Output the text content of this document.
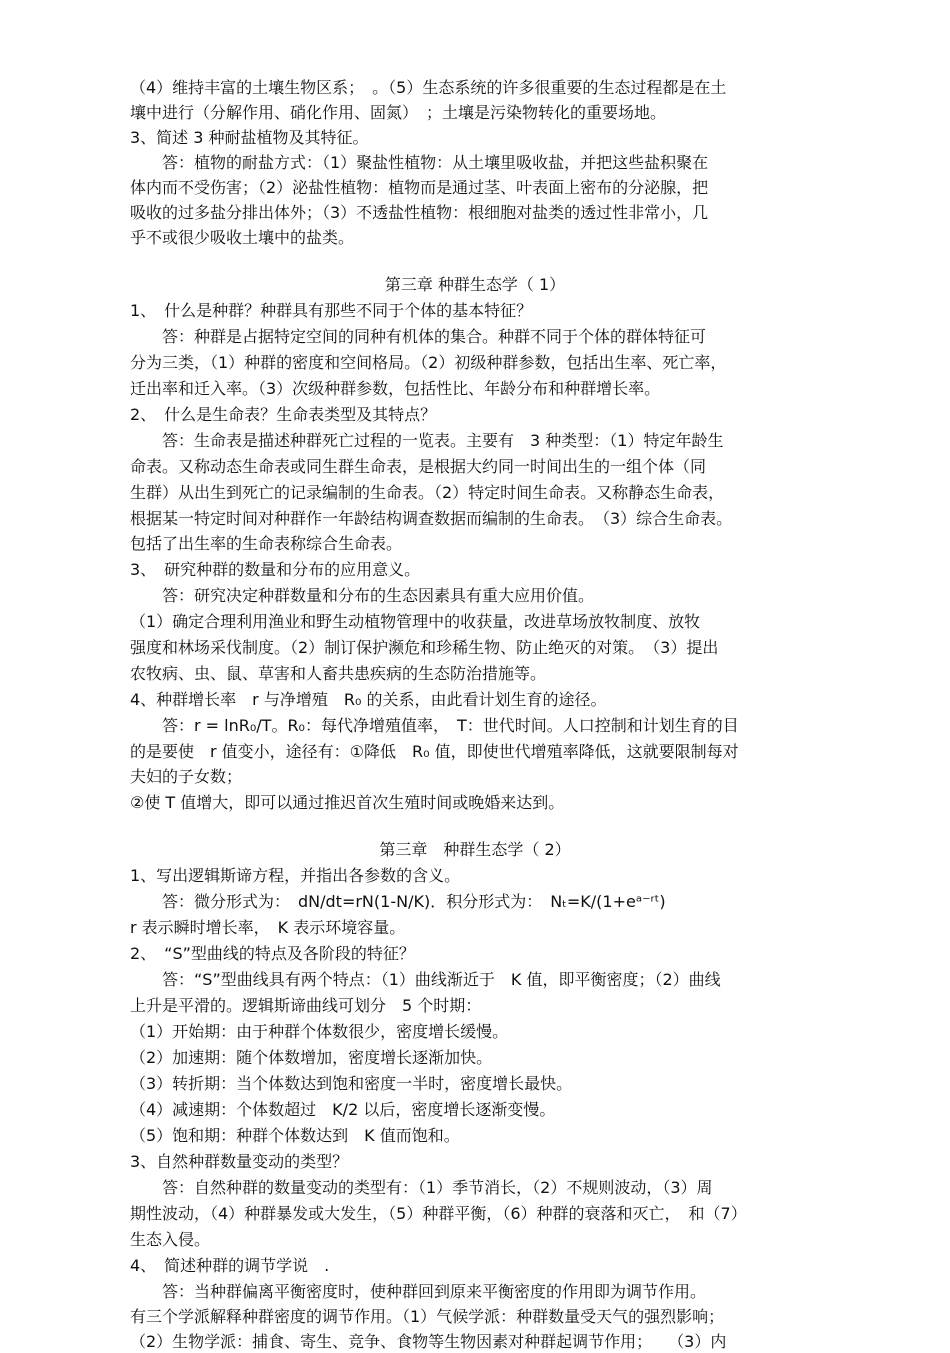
（4）维持丰富的土壤生物区系；　。（5）生态系统的许多很重要的生态过程都是在土
壤中进行（分解作用、硝化作用、固氮）　；土壤是污染物转化的重要场地。
3、简述 3 种耐盐植物及其特征。
　　答：植物的耐盐方式：（1）聚盐性植物：从土壤里吸收盐，并把这些盐积聚在
体内而不受伤害；（2）泌盐性植物：植物而是通过茎、叶表面上密布的分泌腺，把
吸收的过多盐分排出体外；（3）不透盐性植物：根细胞对盐类的透过性非常小，几
乎不或很少吸收土壤中的盐类。
第三章 种群生态学（ 1）
1、　什么是种群？种群具有那些不同于个体的基本特征？
　　答：种群是占据特定空间的同种有机体的集合。种群不同于个体的群体特征可
分为三类，（1）种群的密度和空间格局。（2）初级种群参数，包括出生率、死亡率，
迁出率和迁入率。（3）次级种群参数，包括性比、年龄分布和种群增长率。
2、　什么是生命表？生命表类型及其特点？
　　答：生命表是描述种群死亡过程的一览表。主要有　3 种类型：（1）特定年龄生
命表。又称动态生命表或同生群生命表，是根据大约同一时间出生的一组个体（同
生群）从出生到死亡的记录编制的生命表。（2）特定时间生命表。又称静态生命表，
根据某一特定时间对种群作一年龄结构调查数据而编制的生命表。　（3）综合生命表。
包括了出生率的生命表称综合生命表。
3、　研究种群的数量和分布的应用意义。
　　答：研究决定种群数量和分布的生态因素具有重大应用价值。
（1）确定合理利用渔业和野生动植物管理中的收获量，改进草场放牧制度、放牧
强度和林场采伐制度。（2）制订保护濒危和珍稀生物、防止绝灭的对策。　（3）提出
农牧病、虫、鼠、草害和人畜共患疾病的生态防治措施等。
4、种群增长率　r 与净增殖　R₀ 的关系，由此看计划生育的途径。
　　答：r = lnR₀/T。R₀：每代净增殖值率，　T：世代时间。人口控制和计划生育的目
的是要使　r 值变小，途径有：①降低　R₀ 值，即使世代增殖率降低，这就要限制每对
夫妇的子女数；
②使 T 值增大，即可以通过推迟首次生殖时间或晚婚来达到。
第三章　种群生态学（ 2）
1、写出逻辑斯谛方程，并指出各参数的含义。
　　答：微分形式为：　dN/dt=rN(1-N/K)．积分形式为：　Nₜ=K/(1+eᵃ⁻ʳᵗ)
r 表示瞬时增长率，　K 表示环境容量。
2、　“S”型曲线的特点及各阶段的特征？
　　答：“S”型曲线具有两个特点：（1）曲线渐近于　K 值，即平衡密度；（2）曲线
上升是平滑的。逻辑斯谛曲线可划分　5 个时期：
（1）开始期：由于种群个体数很少，密度增长缓慢。
（2）加速期：随个体数增加，密度增长逐渐加快。
（3）转折期：当个体数达到饱和密度一半时，密度增长最快。
（4）减速期：个体数超过　K/2 以后，密度增长逐渐变慢。
（5）饱和期：种群个体数达到　K 值而饱和。
3、自然种群数量变动的类型？
　　答：自然种群的数量变动的类型有：（1）季节消长，（2）不规则波动，（3）周
期性波动，（4）种群暴发或大发生，（5）种群平衡，（6）种群的衰落和灭亡，　和（7）
生态入侵。
4、　简述种群的调节学说　.
　　答：当种群偏离平衡密度时，使种群回到原来平衡密度的作用即为调节作用。
有三个学派解释种群密度的调节作用。（1）气候学派：种群数量受天气的强烈影响；
（2）生物学派：捕食、寄生、竞争、食物等生物因素对种群起调节作用；　　（3）内
